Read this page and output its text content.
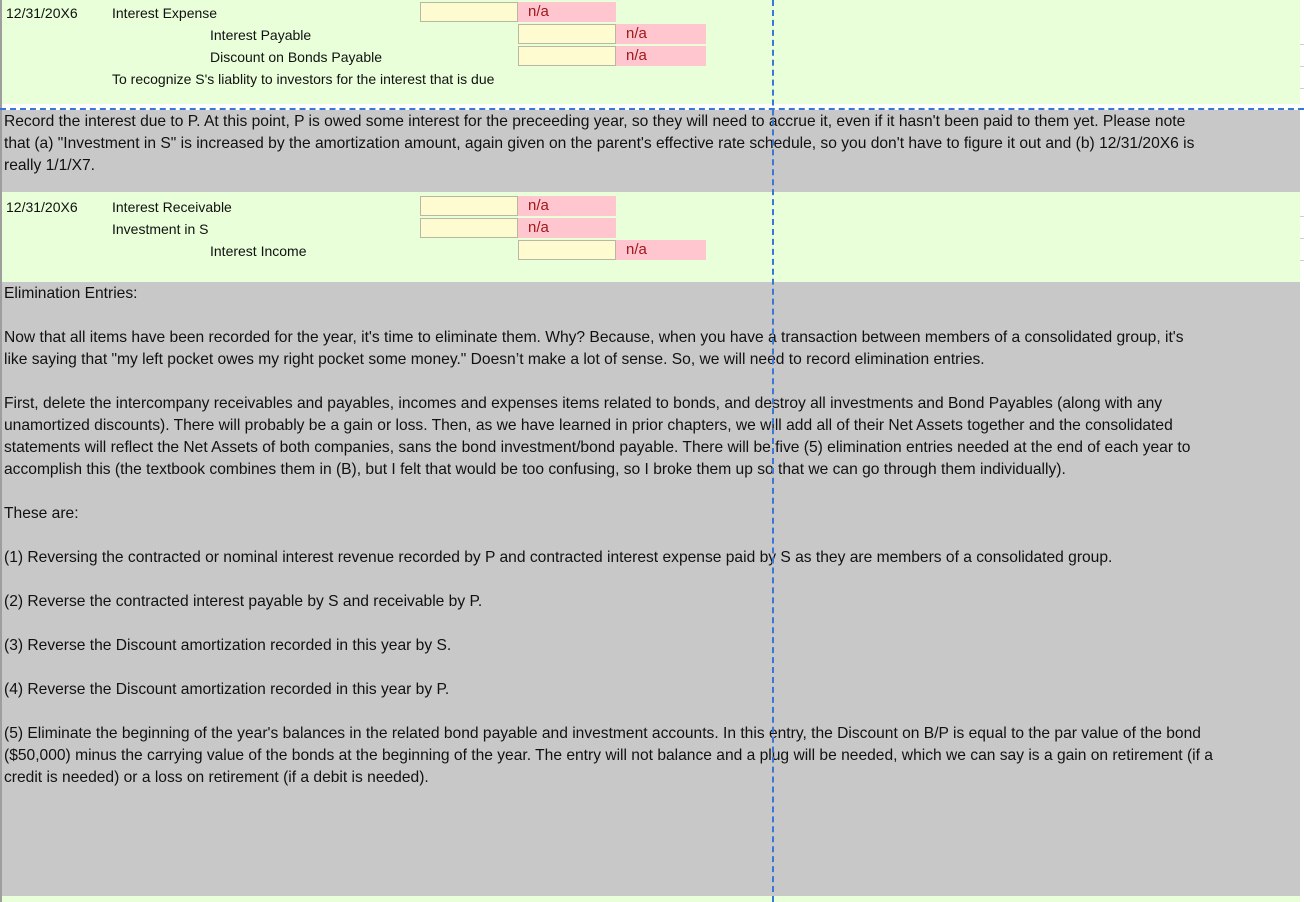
12/31/20X6 Interest Expense	n/a
Interest Payable	n/a
Discount on Bonds Payable	n/a
To recognize S's liablity to investors for the interest that is due

Record the interest due to P. At this point, P is owed some interest for the preceeding year, so they will need to accrue it, even if it hasn't been paid to them yet. Please note
that (a) "Investment in S" is increased by the amortization amount, again given on the parent's effective rate schedule, so you don't have to figure it out and (b) 12/31/20X6 is
really 1/1/X7.

12/31/20X6 Interest Receivable	n/a
Investment in S	n/a
Interest Income	n/a

Elimination Entries:

Now that all items have been recorded for the year, it's time to eliminate them. Why? Because, when you have a transaction between members of a consolidated group, it's
like saying that "my left pocket owes my right pocket some money." Doesn’t make a lot of sense. So, we will need to record elimination entries.

First, delete the intercompany receivables and payables, incomes and expenses items related to bonds, and destroy all investments and Bond Payables (along with any
unamortized discounts). There will probably be a gain or loss. Then, as we have learned in prior chapters, we will add all of their Net Assets together and the consolidated
statements will reflect the Net Assets of both companies, sans the bond investment/bond payable. There will be five (5) elimination entries needed at the end of each year to
accomplish this (the textbook combines them in (B), but I felt that would be too confusing, so I broke them up so that we can go through them individually).

These are:

(1) Reversing the contracted or nominal interest revenue recorded by P and contracted interest expense paid by S as they are members of a consolidated group.

(2) Reverse the contracted interest payable by S and receivable by P.

(3) Reverse the Discount amortization recorded in this year by S.

(4) Reverse the Discount amortization recorded in this year by P.

(5) Eliminate the beginning of the year's balances in the related bond payable and investment accounts. In this entry, the Discount on B/P is equal to the par value of the bond
($50,000) minus the carrying value of the bonds at the beginning of the year. The entry will not balance and a plug will be needed, which we can say is a gain on retirement (if a
credit is needed) or a loss on retirement (if a debit is needed).
